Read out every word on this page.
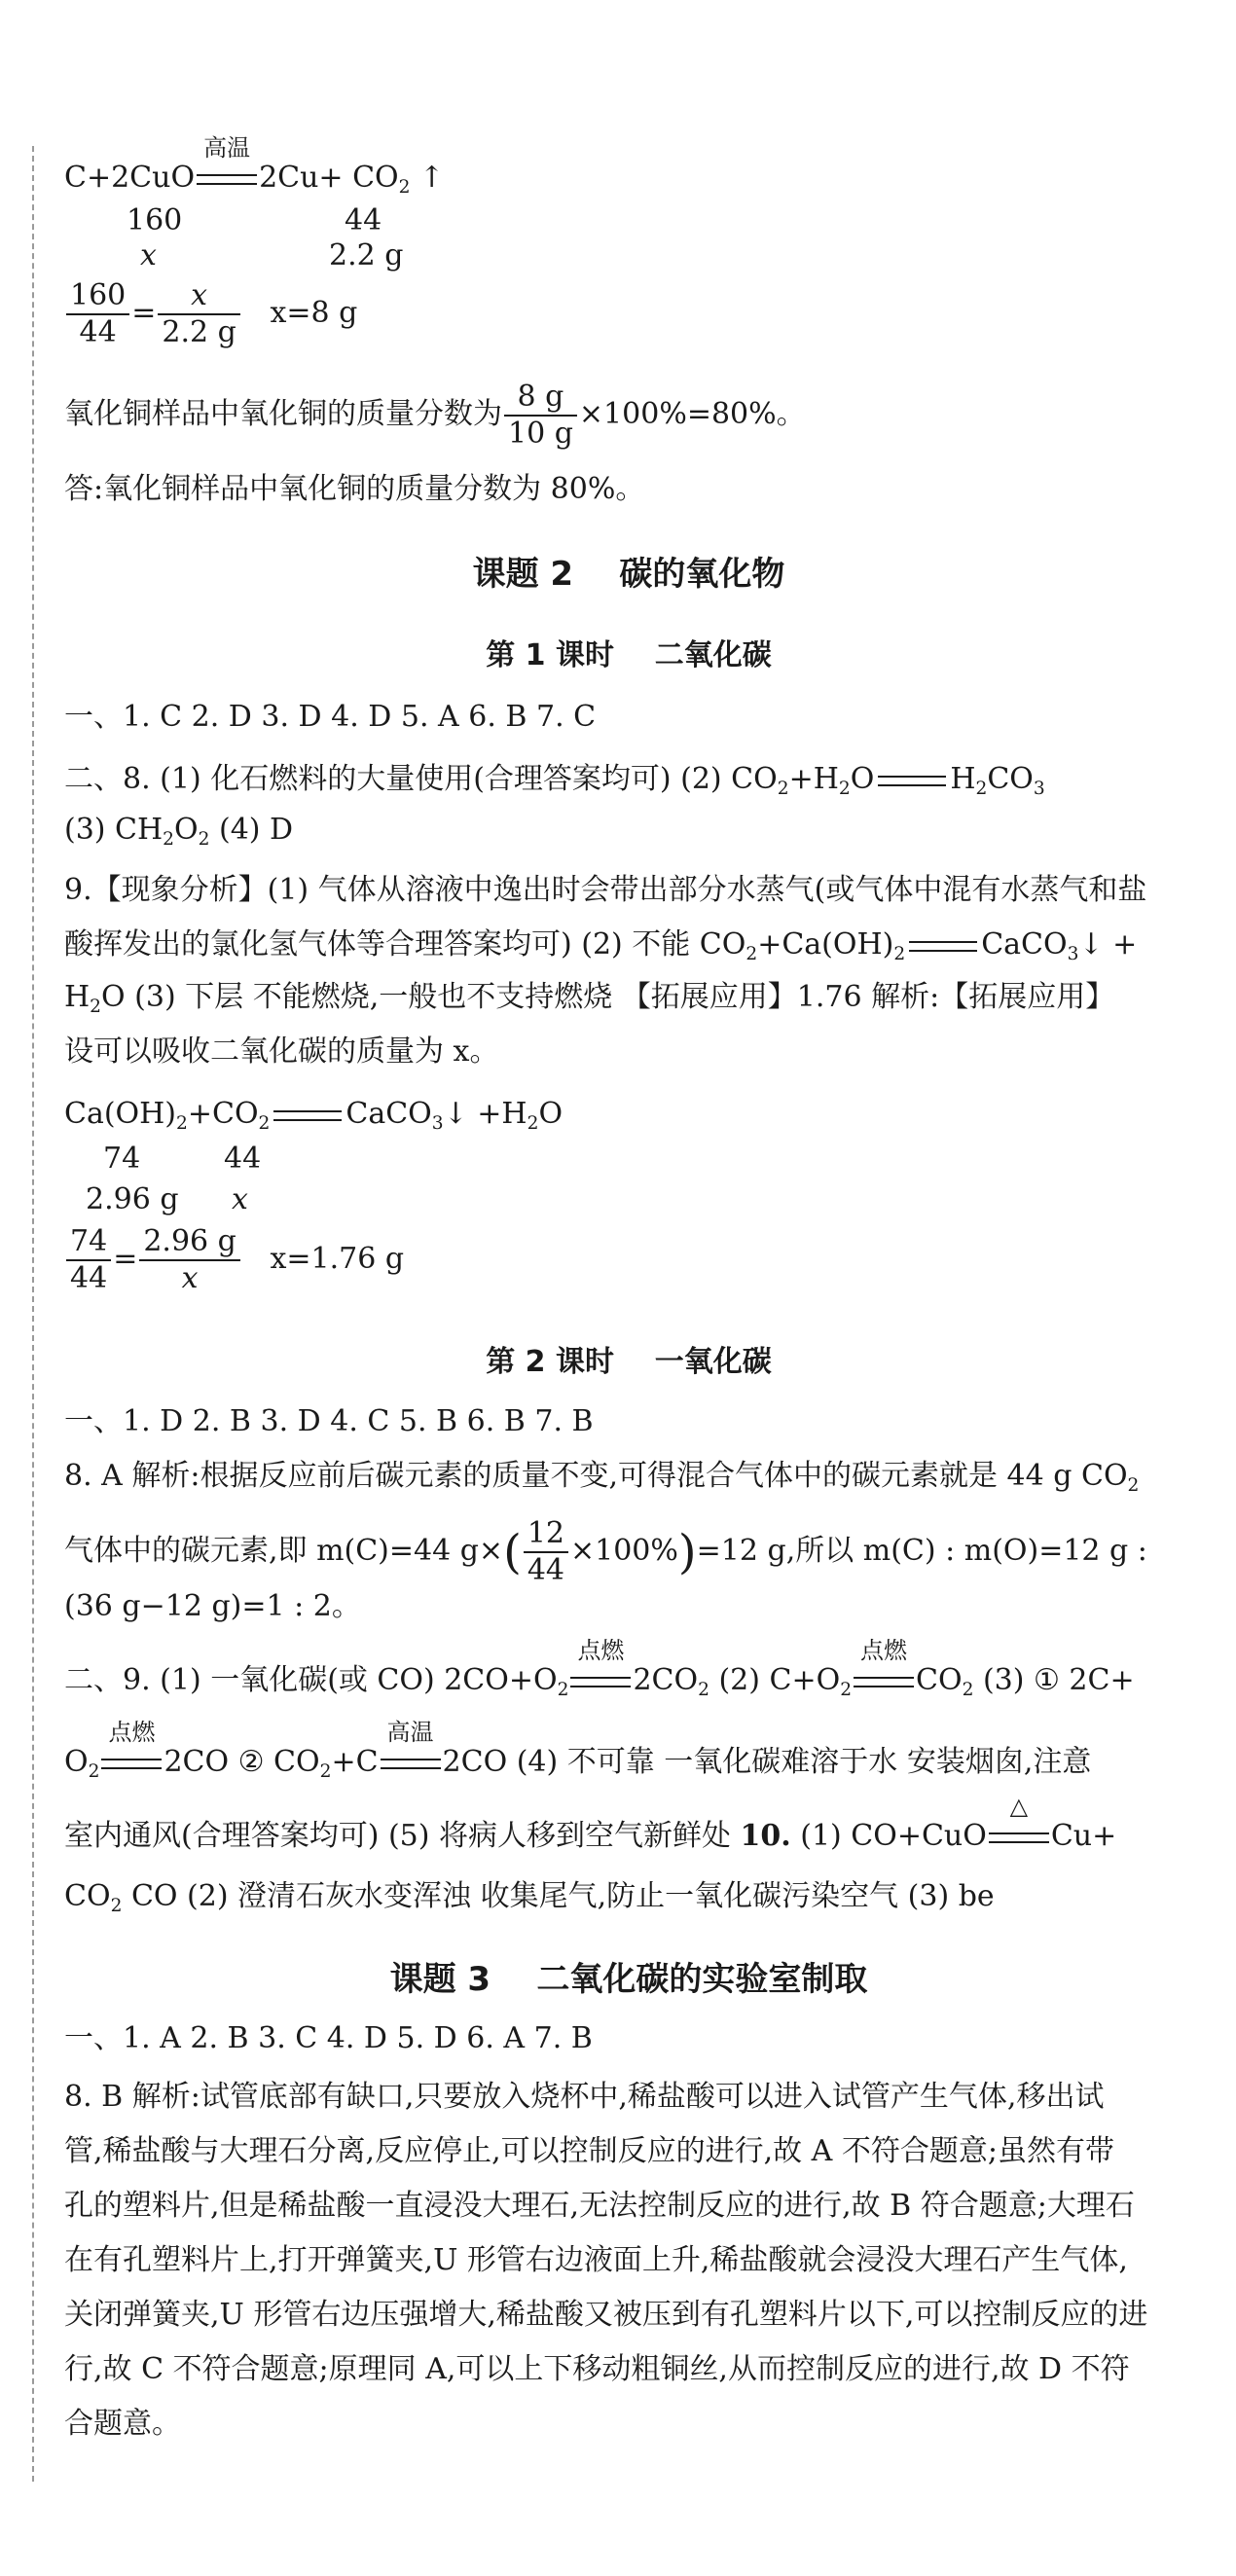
C+2CuO
高温
$2Cu+ CO_2$ ↑
160	44
x	2.2 g
$\frac{160}{44} = \frac{x}{2.2 g} x=8$ g
氧化铜样品中氧化铜的质量分数为 $\frac{8 g}{10 g} \times 100\%=80\%$。
答:氧化铜样品中氧化铜的质量分数为 80%。
课题 2    碳的氧化物
第 1 课时    二氧化碳
一、1. C 2. D 3. D 4. D 5. A 6. B 7. C
二、8. (1) 化石燃料的大量使用(合理答案均可) (2) $CO_2+H_2O$	$H_2CO_3$
(3) $CH_2O_2$ (4) D
9.【现象分析】(1) 气体从溶液中逸出时会带出部分水蒸气(或气体中混有水蒸气和盐
酸挥发出的氯化氢气体等合理答案均可) (2) 不能 $CO_2+Ca(OH)_2$	CaCO$_3$↓ +
$H_2O$ (3) 下层 不能燃烧,一般也不支持燃烧 【拓展应用】1.76 解析:【拓展应用】
设可以吸收二氧化碳的质量为 x。
$Ca(OH)_2+CO_2$	CaCO$_3$↓ $+H_2O$
74	44
2.96 g x
$\frac{74}{44} = \frac{2.96 g}{x} x=1.76$ g
第 2 课时    一氧化碳
一、1. D 2. B 3. D 4. C 5. B 6. B 7. B
8. A 解析:根据反应前后碳元素的质量不变,可得混合气体中的碳元素就是 44 g $CO_2$
气体中的碳元素,即 m(C)=44 $g\times( \frac{12}{44} \times 100\%)=12$ g,所以 m(C) : m(O)=12 g :
(36 g−12 g)=1 : 2。
二、9. (1) 一氧化碳(或 CO) $2CO+O_2$
点燃
$2CO_2$ (2) $C+O_2$
点燃
$CO_2$ (3) ① 2C+
$O_2$
点燃
2CO ② $CO_2+C$
高温
2CO (4) 不可靠 一氧化碳难溶于水 安装烟囱,注意
室内通风(合理答案均可) (5) 将病人移到空气新鲜处 10. (1) CO+CuO
△
Cu+
$CO_2$ CO (2) 澄清石灰水变浑浊 收集尾气,防止一氧化碳污染空气 (3) be
课题 3    二氧化碳的实验室制取
一、1. A 2. B 3. C 4. D 5. D 6. A 7. B
8. B 解析:试管底部有缺口,只要放入烧杯中,稀盐酸可以进入试管产生气体,移出试
管,稀盐酸与大理石分离,反应停止,可以控制反应的进行,故 A 不符合题意;虽然有带
孔的塑料片,但是稀盐酸一直浸没大理石,无法控制反应的进行,故 B 符合题意;大理石
在有孔塑料片上,打开弹簧夹,U 形管右边液面上升,稀盐酸就会浸没大理石产生气体,
关闭弹簧夹,U 形管右边压强增大,稀盐酸又被压到有孔塑料片以下,可以控制反应的进
行,故 C 不符合题意;原理同 A,可以上下移动粗铜丝,从而控制反应的进行,故 D 不符
合题意。
